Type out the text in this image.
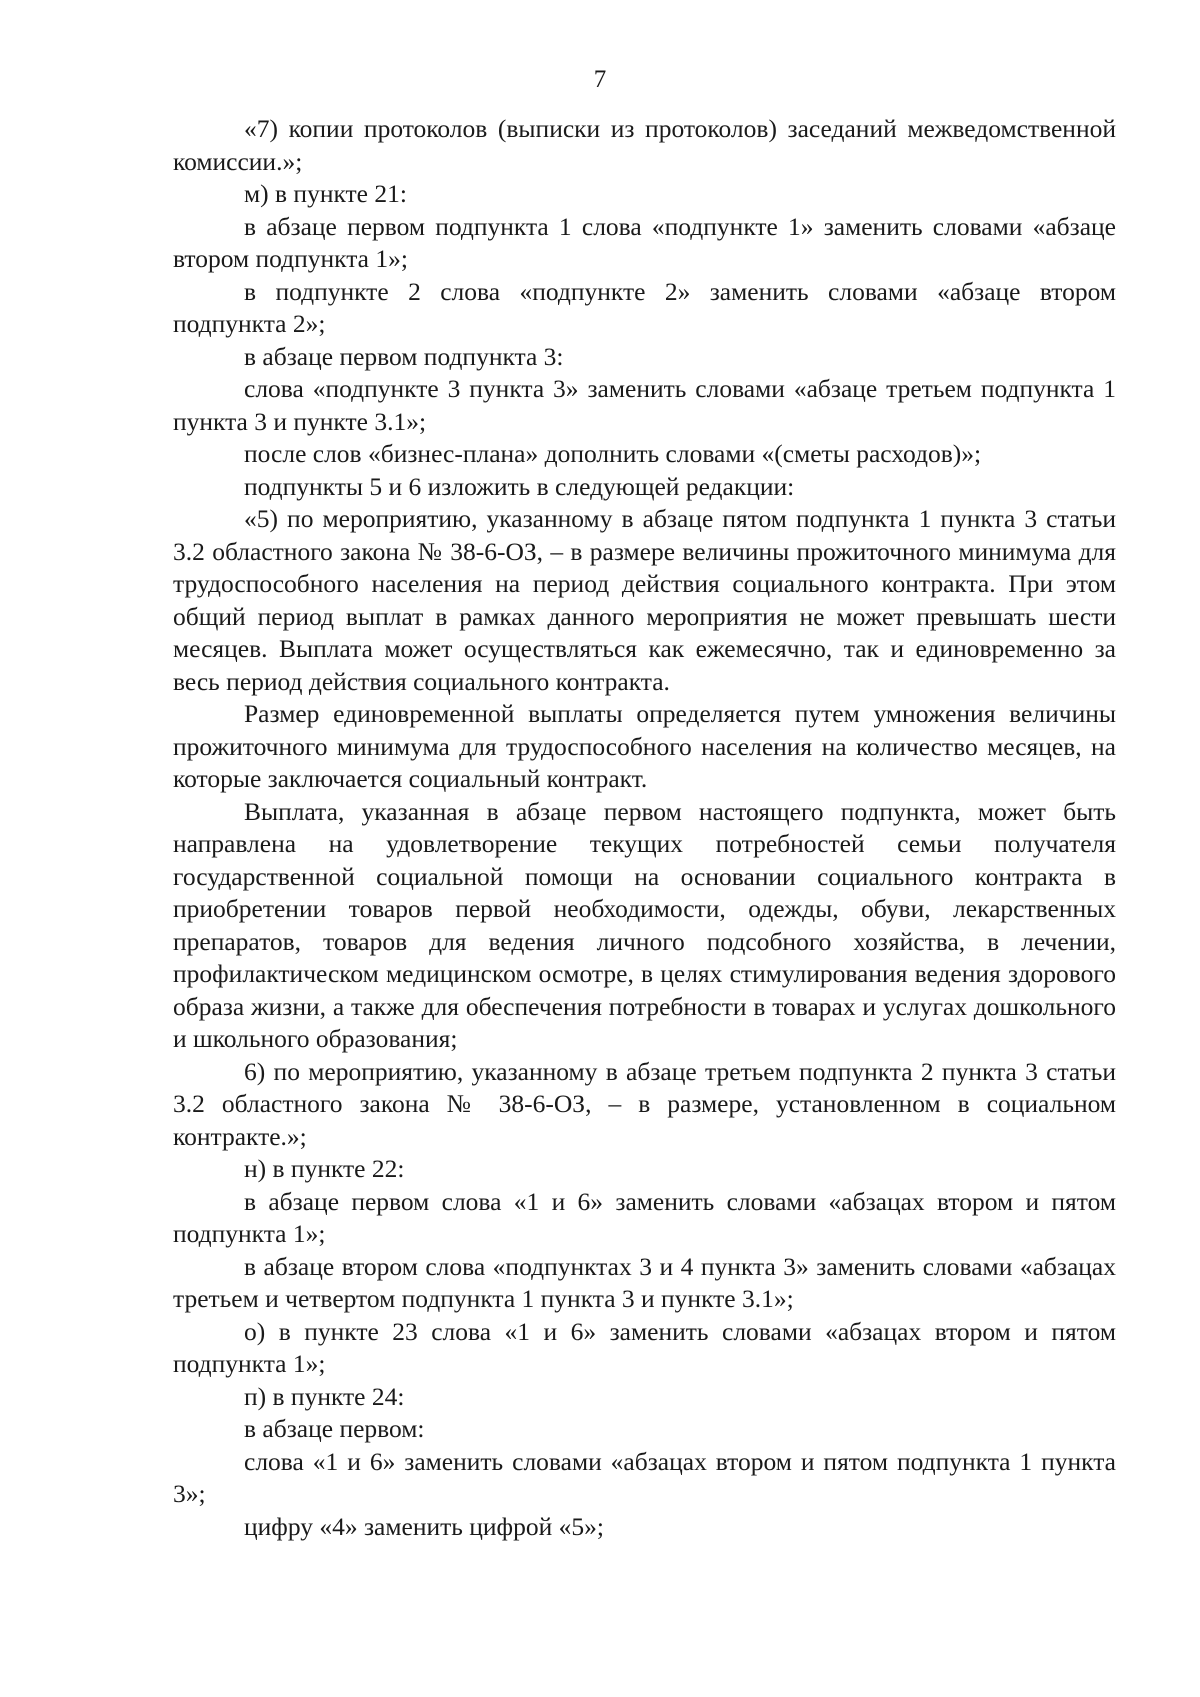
7

«7) копии протоколов (выписки из протоколов) заседаний межведомственной комиссии.»;

м) в пункте 21:

в абзаце первом подпункта 1 слова «подпункте 1» заменить словами «абзаце втором подпункта 1»;

в подпункте 2 слова «подпункте 2» заменить словами «абзаце втором подпункта 2»;

в абзаце первом подпункта 3:

слова «подпункте 3 пункта 3» заменить словами «абзаце третьем подпункта 1 пункта 3 и пункте 3.1»;

после слов «бизнес-плана» дополнить словами «(сметы расходов)»;

подпункты 5 и 6 изложить в следующей редакции:

«5) по мероприятию, указанному в абзаце пятом подпункта 1 пункта 3 статьи 3.2 областного закона № 38-6-ОЗ, – в размере величины прожиточного минимума для трудоспособного населения на период действия социального контракта. При этом общий период выплат в рамках данного мероприятия не может превышать шести месяцев. Выплата может осуществляться как ежемесячно, так и единовременно за весь период действия социального контракта.

Размер единовременной выплаты определяется путем умножения величины прожиточного минимума для трудоспособного населения на количество месяцев, на которые заключается социальный контракт.

Выплата, указанная в абзаце первом настоящего подпункта, может быть направлена на удовлетворение текущих потребностей семьи получателя государственной социальной помощи на основании социального контракта в приобретении товаров первой необходимости, одежды, обуви, лекарственных препаратов, товаров для ведения личного подсобного хозяйства, в лечении, профилактическом медицинском осмотре, в целях стимулирования ведения здорового образа жизни, а также для обеспечения потребности в товарах и услугах дошкольного и школьного образования;

6) по мероприятию, указанному в абзаце третьем подпункта 2 пункта 3 статьи 3.2 областного закона № 38-6-ОЗ, – в размере, установленном в социальном контракте.»;

н) в пункте 22:

в абзаце первом слова «1 и 6» заменить словами «абзацах втором и пятом подпункта 1»;

в абзаце втором слова «подпунктах 3 и 4 пункта 3» заменить словами «абзацах третьем и четвертом подпункта 1 пункта 3 и пункте 3.1»;

о) в пункте 23 слова «1 и 6» заменить словами «абзацах втором и пятом подпункта 1»;

п) в пункте 24:

в абзаце первом:

слова «1 и 6» заменить словами «абзацах втором и пятом подпункта 1 пункта 3»;

цифру «4» заменить цифрой «5»;
